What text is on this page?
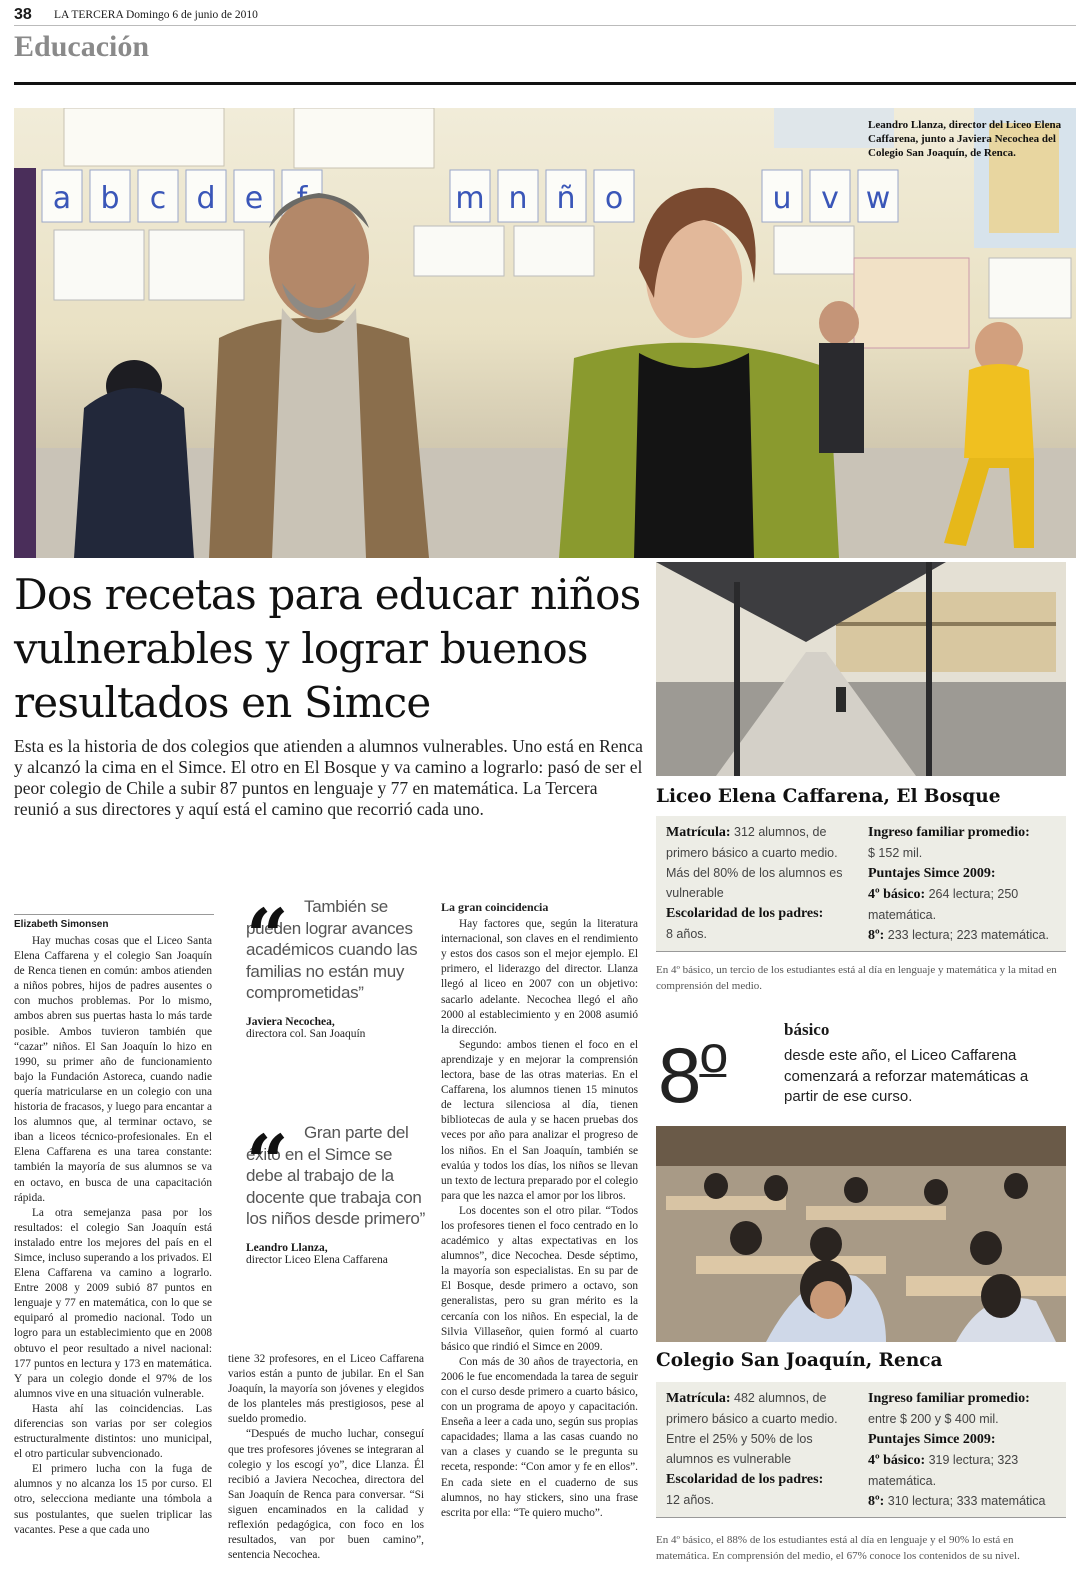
38 LA TERCERA Domingo 6 de junio de 2010
Educación
a b c d e	m n ñ o	u v w
Leandro Llanza, director del Liceo Elena Caffarena, junto a Javiera Necochea del Colegio San Joaquín, de Renca.
Dos recetas para educar niños vulnerables y lograr buenos resultados en Simce

Esta es la historia de dos colegios que atienden a alumnos vulnerables. Uno está en Renca y alcanzó la cima en el Simce. El otro en El Bosque y va camino a lograrlo: pasó de ser el peor colegio de Chile a subir 87 puntos en lenguaje y 77 en matemática. La Tercera reunió a sus directores y aquí está el camino que recorrió cada uno.

Elizabeth Simonsen

Hay muchas cosas que el Liceo Santa Elena Caffarena y el colegio San Joaquín de Renca tienen en común: ambos atienden a niños pobres, hijos de padres ausentes o con muchos problemas. Por lo mismo, ambos abren sus puertas hasta lo más tarde posible. Ambos tuvieron también que “cazar” niños. El San Joaquín lo hizo en 1990, su primer año de funcionamiento bajo la Fundación Astoreca, cuando nadie quería matricularse en un colegio con una historia de fracasos, y luego para encantar a los alumnos que, al terminar octavo, se iban a liceos técnico-profesionales. En el Elena Caffarena es una tarea constante: también la mayoría de sus alumnos se va en octavo, en busca de una capacitación rápida.

La otra semejanza pasa por los resultados: el colegio San Joaquín está instalado entre los mejores del país en el Simce, incluso superando a los privados. El Elena Caffarena va camino a lograrlo. Entre 2008 y 2009 subió 87 puntos en lenguaje y 77 en matemática, con lo que se equiparó al promedio nacional. Todo un logro para un establecimiento que en 2008 obtuvo el peor resultado a nivel nacional: 177 puntos en lectura y 173 en matemática. Y para un colegio donde el 97% de los alumnos vive en una situación vulnerable.

Hasta ahí las coincidencias. Las diferencias son varias por ser colegios estructuralmente distintos: uno municipal, el otro particular subvencionado.

El primero lucha con la fuga de alumnos y no alcanza los 15 por curso. El otro, selecciona mediante una tómbola a sus postulantes, que suelen triplicar las vacantes. Pese a que cada uno

“ También se pueden lograr avances académicos cuando las familias no están muy comprometidas”
Javiera Necochea,
directora col. San Joaquín
“ Gran parte del éxito en el Simce se debe al trabajo de la docente que trabaja con los niños desde primero”
Leandro Llanza,
director Liceo Elena Caffarena

tiene 32 profesores, en el Liceo Caffarena varios están a punto de jubilar. En el San Joaquín, la mayoría son jóvenes y elegidos de los planteles más prestigiosos, pese al sueldo promedio.

“Después de mucho luchar, conseguí que tres profesores jóvenes se integraran al colegio y los escogí yo”, dice Llanza. Él recibió a Javiera Necochea, directora del San Joaquín de Renca para conversar. “Si siguen encaminados en la calidad y reflexión pedagógica, con foco en los resultados, van por buen camino”, sentencia Necochea.

La gran coincidencia

Hay factores que, según la literatura internacional, son claves en el rendimiento y estos dos casos son el mejor ejemplo. El primero, el liderazgo del director. Llanza llegó al liceo en 2007 con un objetivo: sacarlo adelante. Necochea llegó el año 2000 al establecimiento y en 2008 asumió la dirección.

Segundo: ambos tienen el foco en el aprendizaje y en mejorar la comprensión lectora, base de las otras materias. En el Caffarena, los alumnos tienen 15 minutos de lectura silenciosa al día, tienen bibliotecas de aula y se hacen pruebas dos veces por año para analizar el progreso de los niños. En el San Joaquín, también se evalúa y todos los días, los niños se llevan un texto de lectura preparado por el colegio para que les nazca el amor por los libros.

Los docentes son el otro pilar. “Todos los profesores tienen el foco centrado en lo académico y altas expectativas en los alumnos”, dice Necochea. Desde séptimo, la mayoría son especialistas. En su par de El Bosque, desde primero a octavo, son generalistas, pero su gran mérito es la cercanía con los niños. En especial, la de Silvia Villaseñor, quien formó al cuarto básico que rindió el Simce en 2009.

Con más de 30 años de trayectoria, en 2006 le fue encomendada la tarea de seguir con el curso desde primero a cuarto básico, con un programa de apoyo y capacitación. Enseña a leer a cada uno, según sus propias capacidades; llama a las casas cuando no van a clases y cuando se le pregunta su receta, responde: “Con amor y fe en ellos”. En cada siete en el cuaderno de sus alumnos, no hay stickers, sino una frase escrita por ella: “Te quiero mucho”.

Liceo Elena Caffarena, El Bosque
Matrícula: 312 alumnos, de primero básico a cuarto medio. Más del 80% de los alumnos es vulnerable
Escolaridad de los padres:
8 años.
Ingreso familiar promedio:
$ 152 mil.
Puntajes Simce 2009:
4º básico: 264 lectura; 250 matemática.
8º: 233 lectura; 223 matemática.
En 4º básico, un tercio de los estudiantes está al día en lenguaje y matemática y la mitad en comprensión del medio.
8$^o$	básico
desde este año, el Liceo Caffarena comenzará a reforzar matemáticas a partir de ese curso.
Colegio San Joaquín, Renca
Matrícula: 482 alumnos, de primero básico a cuarto medio. Entre el 25% y 50% de los alumnos es vulnerable
Escolaridad de los padres:
12 años.
Ingreso familiar promedio:
entre $ 200 y $ 400 mil.
Puntajes Simce 2009:
4º básico: 319 lectura; 323 matemática.
8º: 310 lectura; 333 matemática
En 4º básico, el 88% de los estudiantes está al día en lenguaje y el 90% lo está en matemática. En comprensión del medio, el 67% conoce los contenidos de su nivel.
